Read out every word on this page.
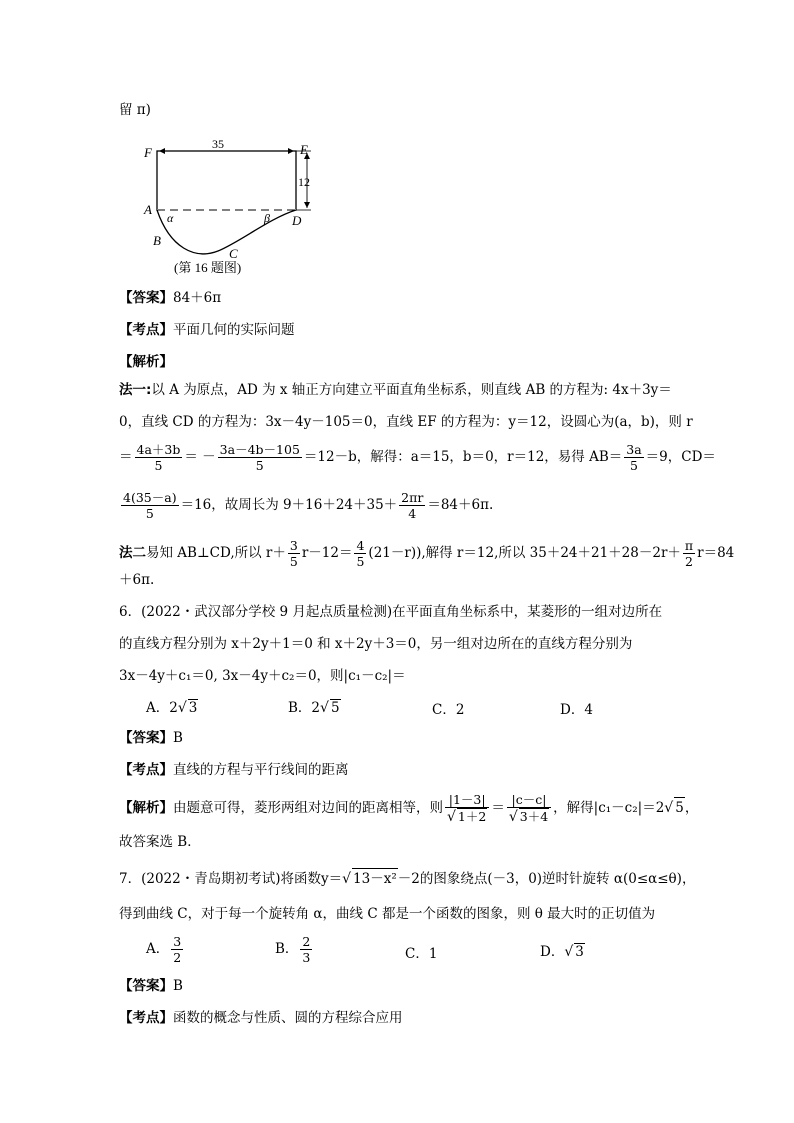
留 π)
F	E
35
12
A
D
α	β
B
C
(第 16 题图)
【答案】84＋6π
【考点】平面几何的实际问题
【解析】
法一:以 A 为原点，AD 为 x 轴正方向建立平面直角坐标系，则直线 AB 的方程为: 4x＋3y＝
0，直线 CD 的方程为：3x－4y－105＝0，直线 EF 的方程为：y＝12，设圆心为(a，b)，则 r
＝ $\frac{4a+3b}{5}$ ＝ － $\frac{3a-4b-105}{5} =12-b$，解得：a＝15，b＝0，r＝12，易得 $AB= \frac{3a}{5} =9$，CD＝
$\frac{4(35-a)}{5} =16$，故周长为 $9+16+24+35+ \frac{2\pi r}{4} =84+6\pi$.
法二易知 AB⊥CD,所以 $r+ \frac{3}{5} r-12= \frac{4}{5} (21-r)$),解得 r＝12,所以 $35+24+21+28-2r+ \frac{\pi}{2} r=84$
＋6π.
6．(2022・武汉部分学校 9 月起点质量检测)在平面直角坐标系中，某菱形的一组对边所在
的直线方程分别为 x＋2y＋1＝0 和 x＋2y＋3＝0，另一组对边所在的直线方程分别为
3x－4y＋c₁＝0, 3x－4y＋c₂＝0，则|c₁－c₂|＝
A．2√ 3	B．2√ 5	C．2	D．4
【答案】B
【考点】直线的方程与平行线间的距离
【解析】由题意可得，菱形两组对边间的距离相等，则 $\frac{|1-3|}{√ 1+2} = \frac{|c-c|}{√ 3+4}$ ，解得|c₁－c₂|＝2√ 5，
故答案选 B．
7．(2022・青岛期初考试)将函数y＝√ 13－x²－2的图象绕点(－3，0)逆时针旋转 α(0≤α≤θ)，
得到曲线 C，对于每一个旋转角 α，曲线 C 都是一个函数的图象，则 θ 最大时的正切值为
A． $\frac{3}{2}$	B． $\frac{2}{3}$	C．1	D．√ 3
【答案】B
【考点】函数的概念与性质、圆的方程综合应用
